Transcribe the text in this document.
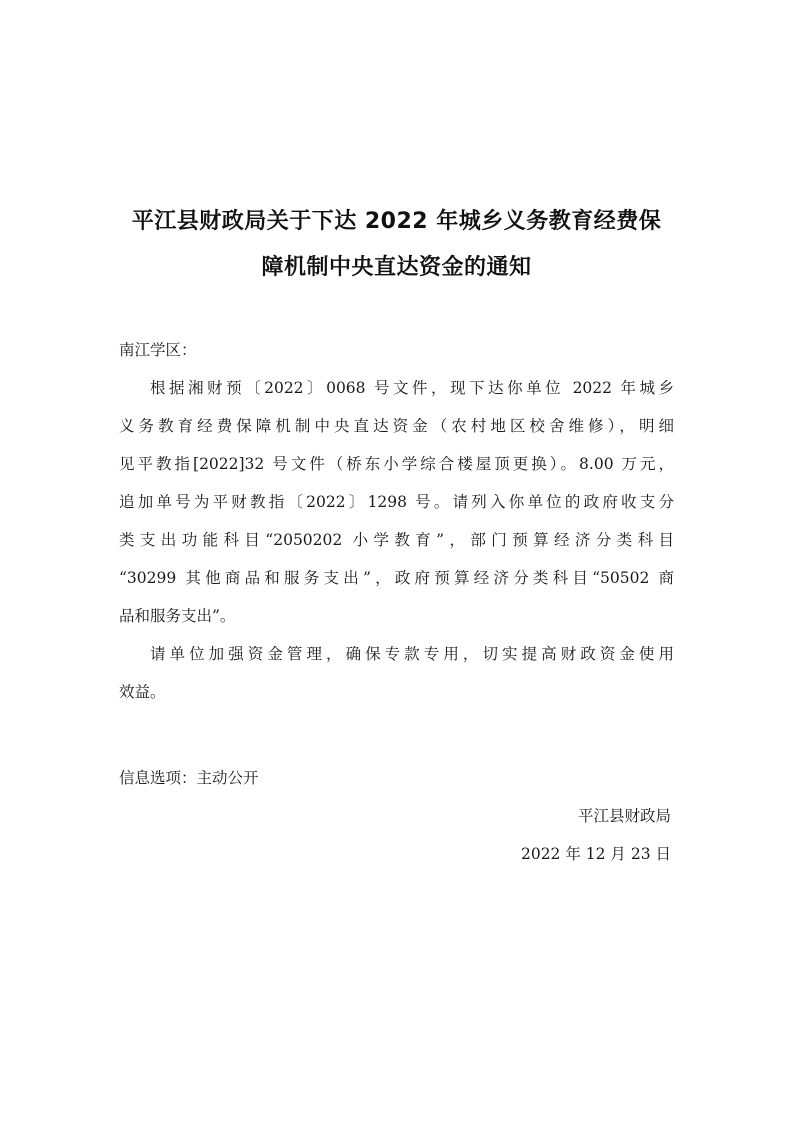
平江县财政局关于下达 2022 年城乡义务教育经费保
障机制中央直达资金的通知

南江学区：

根据湘财预〔2022〕0068 号文件，现下达你单位 2022 年城乡

义务教育经费保障机制中央直达资金（农村地区校舍维修），明细

见平教指[2022]32 号文件（桥东小学综合楼屋顶更换）。8.00 万元，

追加单号为平财教指〔2022〕1298 号。请列入你单位的政府收支分

类支出功能科目“2050202 小学教育”，部门预算经济分类科目

“30299 其他商品和服务支出”，政府预算经济分类科目“50502 商

品和服务支出”。

请单位加强资金管理，确保专款专用，切实提高财政资金使用

效益。

信息选项：主动公开

平江县财政局

2022 年 12 月 23 日
